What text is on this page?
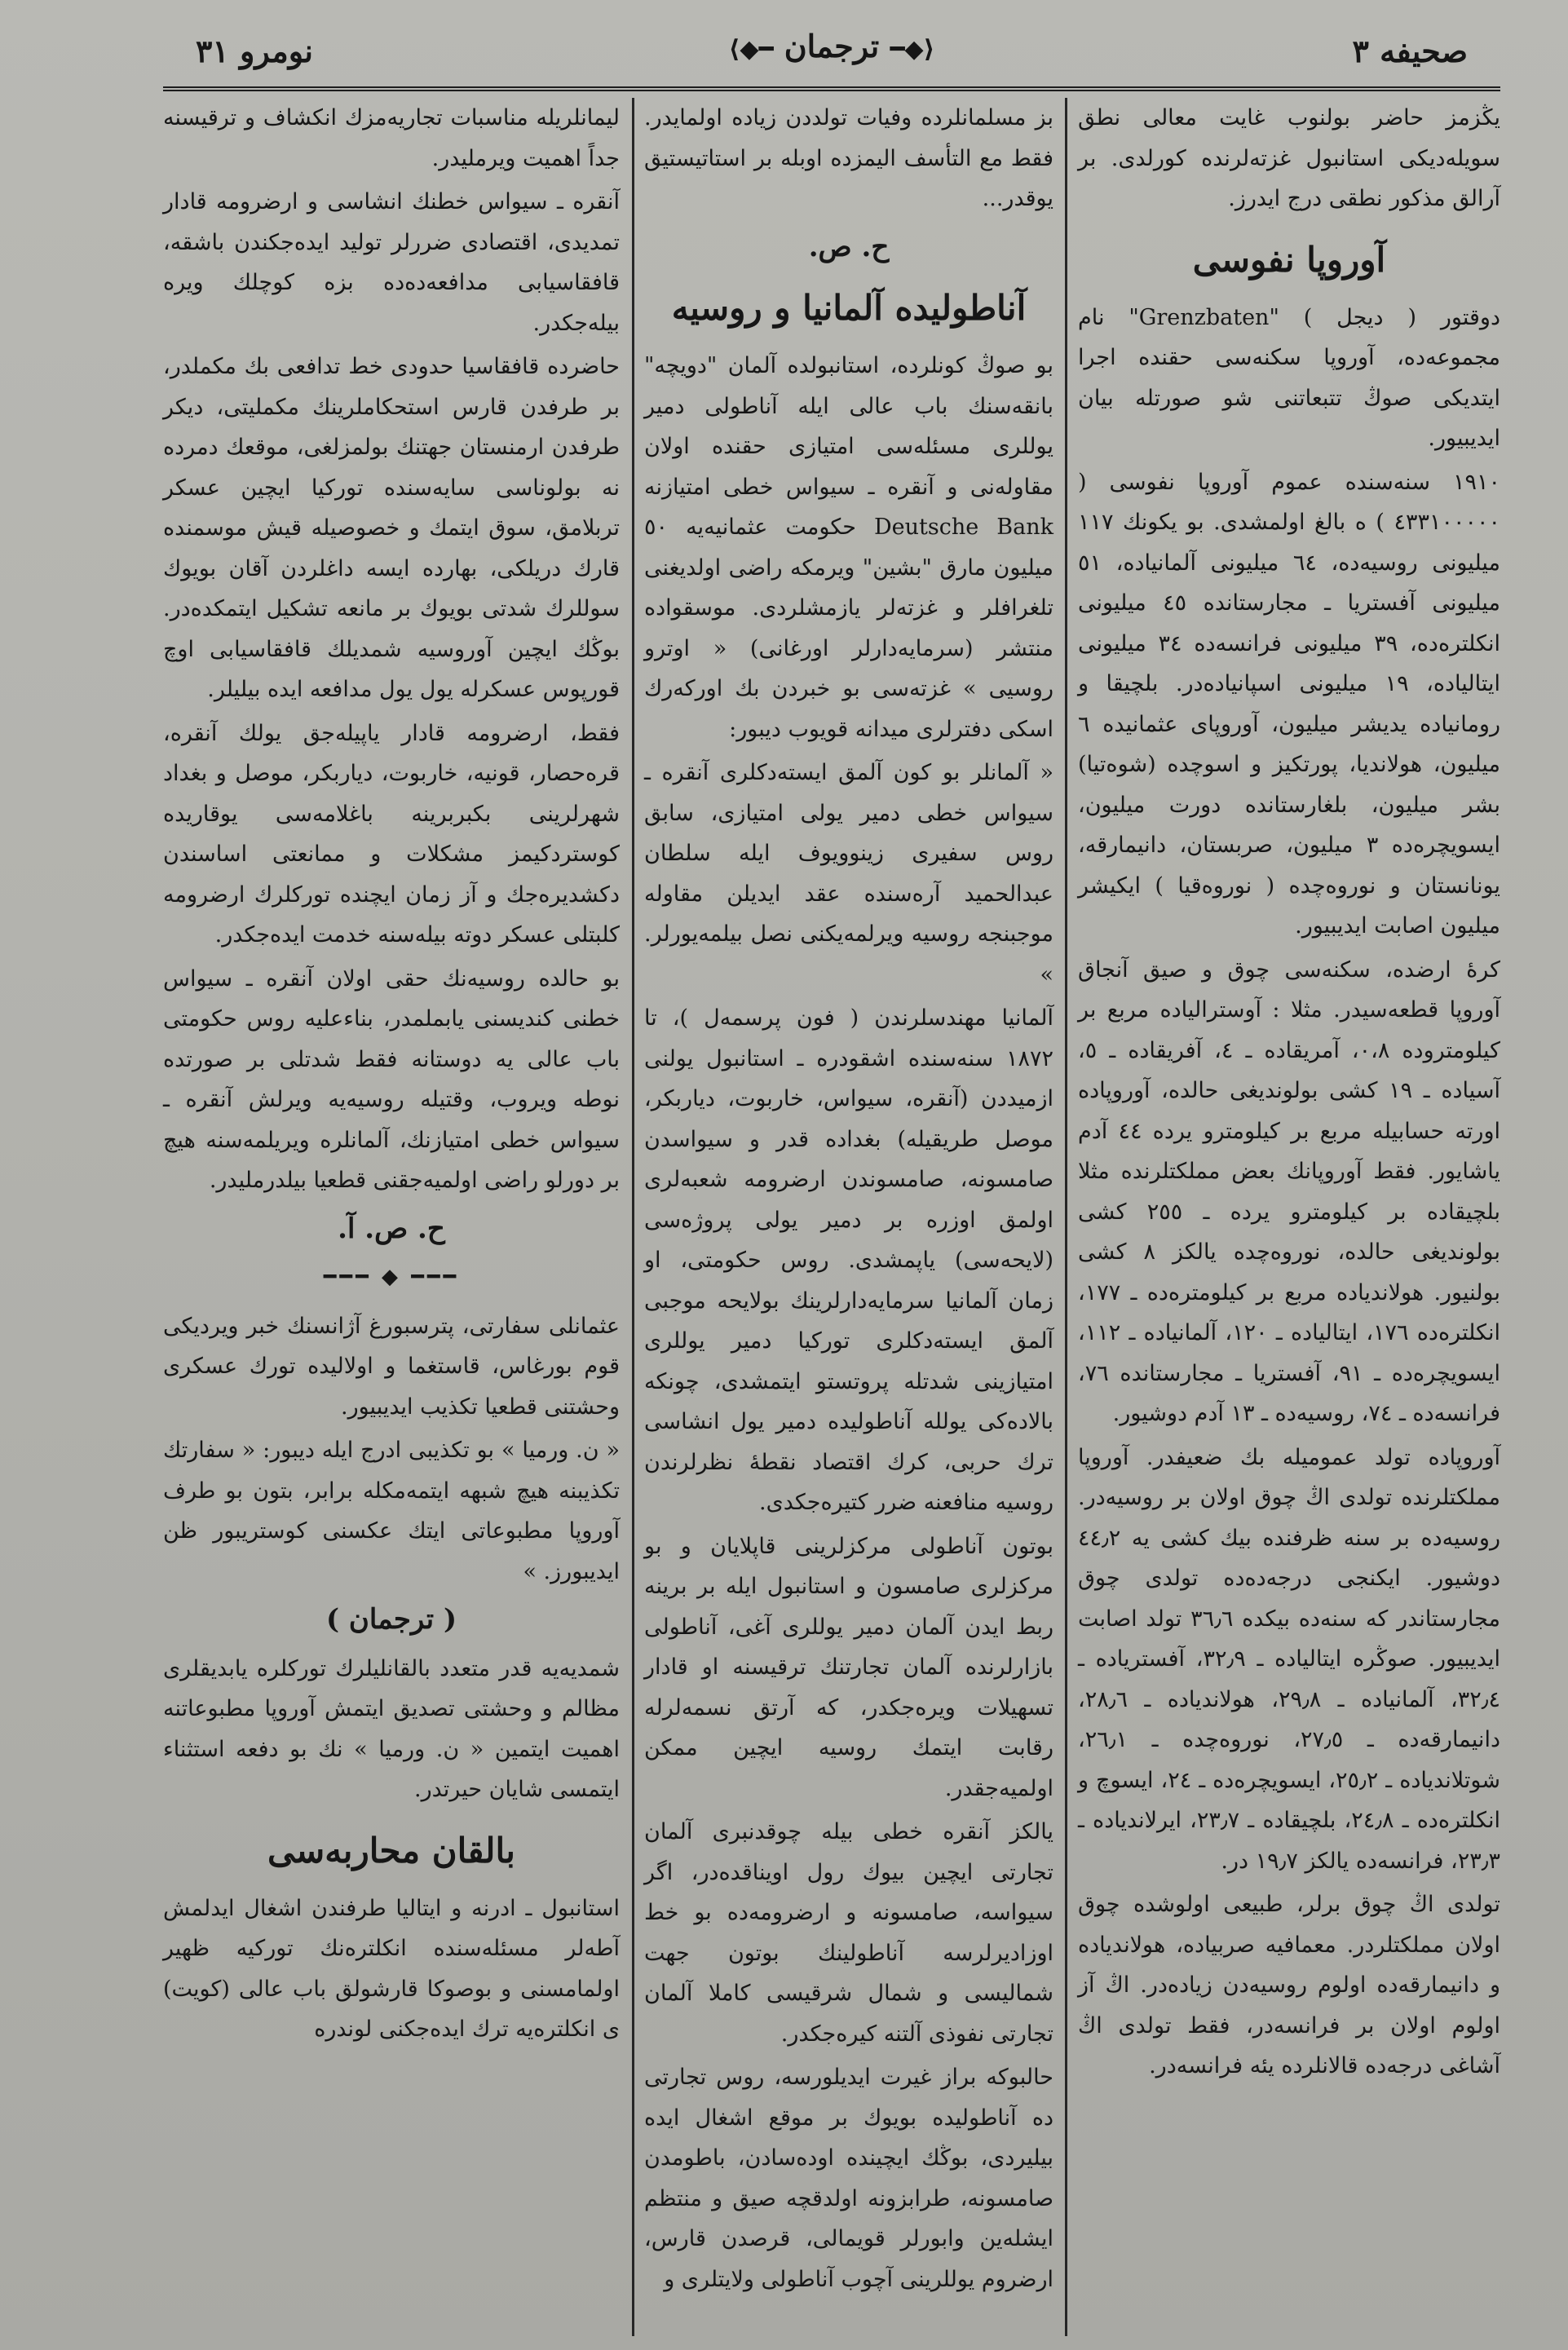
نومرو ٣١	⟨◆━ ترجمان ━◆⟩	صحيفه ٣

يڭزمز حاضر بولنوب غايت معالى نطق سويلەديكى استانبول غزتەلرندە كورلدى. بر آرالق مذكور نطقى درج ايدرز.

آوروپا نفوسى

دوقتور ( ديجل ) "Grenzbaten" نام مجموعەدە، آوروپا سكنەسى حقندە اجرا ايتديكى صوڭ تتبعاتنى شو صورتلە بيان ايديبيور.

١٩١٠ سنەسندە عموم آوروپا نفوسى ( ٤٣٣١٠٠٠٠٠ ) ە بالغ اولمشدى. بو يكونك ١١٧ ميليونى روسيەدە، ٦٤ ميليونى آلمانيادە، ٥١ ميليونى آفستريا ـ مجارستاندە ٤٥ ميليونى انكلترەدە، ٣٩ ميليونى فرانسەدە ٣٤ ميليونى ايتاليادە، ١٩ ميليونى اسپانيادەدر. بلچيقا و رومانيادە يديشر ميليون، آوروپاى عثمانيدە ٦ ميليون، هولانديا، پورتكيز و اسوچدە (شوەتيا) بشر ميليون، بلغارستاندە دورت ميليون، ايسويچرەدە ٣ ميليون، صربستان، دانيمارقە، يونانستان و نوروەچدە ( نوروەقيا ) ايكيشر ميليون اصابت ايديبيور.

كرهٔ ارضدە، سكنەسى چوق و صيق آنجاق آوروپا قطعەسيدر. مثلا : آوستراليادە مربع بر كيلومترودە ٠،٨، آمريقادە ـ ٤، آفريقادە ـ ٥، آسيادە ـ ١٩ كشى بولونديغى حالدە، آوروپادە اورتە حسابيلە مربع بر كيلومترو يردە ٤٤ آدم ياشايور. فقط آوروپانك بعض مملكتلرندە مثلا بلچيقادە بر كيلومترو يردە ـ ٢٥٥ كشى بولونديغى حالدە، نوروەچدە يالكز ٨ كشى بولنيور. هولانديادە مربع بر كيلومترەدە ـ ١٧٧، انكلترەدە ١٧٦، ايتاليادە ـ ١٢٠، آلمانيادە ـ ١١٢، ايسويچرەدە ـ ٩١، آفستريا ـ مجارستاندە ٧٦، فرانسەدە ـ ٧٤، روسيەدە ـ ١٣ آدم دوشيور.

آوروپادە تولد عموميلە بك ضعيفدر. آوروپا مملكتلرندە تولدى اڭ چوق اولان بر روسيەدر. روسيەدە بر سنە ظرفندە بيك كشى يە ٤٤٫٢ دوشيور. ايكنجى درجەدەدە تولدى چوق مجارستاندر كە سنەدە بيكدە ٣٦٫٦ تولد اصابت ايديبيور. صوڭرە ايتاليادە ـ ٣٢٫٩، آفستريادە ـ ٣٢٫٤، آلمانيادە ـ ٢٩٫٨، هولانديادە ـ ٢٨٫٦، دانيمارقەدە ـ ٢٧٫٥، نوروەچدە ـ ٢٦٫١، شوتلانديادە ـ ٢٥٫٢، ايسويچرەدە ـ ٢٤، ايسوچ و انكلترەدە ـ ٢٤٫٨، بلچيقادە ـ ٢٣٫٧، ايرلانديادە ـ ٢٣٫٣، فرانسەدە يالكز ١٩٫٧ در.

تولدى اڭ چوق برلر، طبيعى اولوشدە چوق اولان مملكتلردر. معمافيه صربيادە، هولانديادە و دانيمارقەدە اولوم روسيەدن زيادەدر. اڭ آز اولوم اولان بر فرانسەدر، فقط تولدى اڭ آشاغى درجەدە قالانلردە يئە فرانسەدر.

بز مسلمانلردە وفيات تولددن زيادە اولمايدر. فقط مع التأسف اليمزدە اوبلە بر استاتيستيق يوقدر...

ح. ص.
آناطوليدە آلمانيا و روسيە

بو صوڭ كونلردە، استانبولدە آلمان "دويچە" بانقەسنك باب عالى ايلە آناطولى دمير يوللرى مسئلەسى امتيازى حقندە اولان مقاولەنى و آنقرە ـ سيواس خطى امتيازنە Deutsche Bank حكومت عثمانيەيە ٥٠ ميليون مارق "بشين" ويرمكە راضى اولديغنى تلغرافلر و غزتەلر يازمشلردى. موسقوادە منتشر (سرمايەدارلر اورغانى) « اوترو روسيى » غزتەسى بو خبردن بك اوركەرك اسكى دفترلرى ميدانە قويوب ديبور:

« آلمانلر بو كون آلمق ايستەدكلرى آنقرە ـ سيواس خطى دمير يولى امتيازى، سابق روس سفيرى زينوويوف ايلە سلطان عبدالحميد آرەسندە عقد ايديلن مقاولە موجبنجە روسيە ويرلمەيكنى نصل بيلمەيورلر. »

آلمانيا مهندسلرندن ( فون پرسمەل )، تا ١٨٧٢ سنەسندە اشقودرە ـ استانبول يولنى ازميددن (آنقرە، سيواس، خاربوت، دياربكر، موصل طريقيلە) بغدادە قدر و سيواسدن صامسونە، صامسوندن ارضرومە شعبەلرى اولمق اوزرە بر دمير يولى پروژەسى (لايحەسى) ياپمشدى. روس حكومتى، او زمان آلمانيا سرمايەدارلرينك بولايحە موجبى آلمق ايستەدكلرى توركيا دمير يوللرى امتيازينى شدتلە پروتستو ايتمشدى، چونكە بالادەكى يوللە آناطوليدە دمير يول انشاسى ترك حربى، كرك اقتصاد نقطهٔ نظرلرندن روسيە منافعنە ضرر كتيرەجكدى.

بوتون آناطولى مركزلرينى قاپلايان و بو مركزلرى صامسون و استانبول ايلە بر برينە ربط ايدن آلمان دمير يوللرى آغى، آناطولى بازارلرندە آلمان تجارتنك ترقيسنە او قادار تسهيلات ويرەجكدر، كە آرتق نسمەلرلە رقابت ايتمك روسيە ايچين ممكن اولميەجقدر.

يالكز آنقرە خطى بيلە چوقدنبرى آلمان تجارتى ايچين بيوك رول اويناقدەدر، اگر سيواسە، صامسونە و ارضرومەدە بو خط اوزاديرلرسە آناطولينك بوتون جهت شماليسى و شمال شرقيسى كاملا آلمان تجارتى نفوذى آلتنە كيرەجكدر.

حالبوكە براز غيرت ايديلورسە، روس تجارتى دە آناطوليدە بويوك بر موقع اشغال ايدە بيليردى، بوڭك ايچيندە اودەسادن، باطومدن صامسونە، طرابزونە اولدقچە صيق و منتظم ايشلەين وابورلر قويمالى، قرصدن قارس، ارضروم يوللرينى آچوب آناطولى ولايتلرى و

ليمانلريلە مناسبات تجاريەمزك انكشاف و ترقيسنە جداً اهميت ويرمليدر.

آنقرە ـ سيواس خطنك انشاسى و ارضرومە قادار تمديدى، اقتصادى ضررلر توليد ايدەجكندن باشقە، قافقاسيابى مدافعەدەدە بزە كوچلك ويرە بيلەجكدر.

حاضردە قافقاسيا حدودى خط تدافعى بك مكملدر، بر طرفدن قارس استحكاملرينك مكمليتى، ديكر طرفدن ارمنستان جهتنك بولمزلغى، موقعك دمردە نە بولوناسى سايەسندە توركيا ايچين عسكر تربلامق، سوق ايتمك و خصوصيلە قيش موسمندە قارك دريلكى، بهاردە ايسە داغلردن آقان بويوك سوللرك شدتى بويوك بر مانعە تشكيل ايتمكدەدر. بوڭك ايچين آوروسيە شمديلك قافقاسيابى اوچ قورپوس عسكرلە يول يول مدافعە ايدە بيليلر.

فقط، ارضرومە قادار ياپيلەجق يولك آنقرە، قرەحصار، قونيە، خاربوت، دياربكر، موصل و بغداد شهرلرينى بكبربرينە باغلامەسى يوقاريدە كوستردكيمز مشكلات و ممانعتى اساسندن دكشديرەجك و آز زمان ايچندە توركلرك ارضرومە كلبتلى عسكر دوتە بيلەسنە خدمت ايدەجكدر.

بو حالدە روسيەنك حقى اولان آنقرە ـ سيواس خطنى كنديسنى يابملمدر، بناءعليە روس حكومتى باب عالى يە دوستانە فقط شدتلى بر صورتدە نوطە ويروب، وقتيلە روسيەيە ويرلش آنقرە ـ سيواس خطى امتيازنك، آلمانلرە ويريلمەسنە هيچ بر دورلو راضى اولميەجقنى قطعيا بيلدرمليدر.

ح. ص. آ.
━━━ ◆ ━━━

عثمانلى سفارتى، پترسبورغ آژانسنك خبر ويرديكى قوم بورغاس، قاستغما و اولاليدە تورك عسكرى وحشتنى قطعيا تكذيب ايديبيور.

« ن. ورميا » بو تكذيبى ادرج ايلە ديبور: « سفارتك تكذيبنە هيچ شبهە ايتمەمكلە برابر، بتون بو طرف آوروپا مطبوعاتى ايتك عكسنى كوستريبور ظن ايديبورز. »

( ترجمان )

شمديەيە قدر متعدد بالقانليلرك توركلرە يابديقلرى مظالم و وحشتى تصديق ايتمش آوروپا مطبوعاتنە اهميت ايتمين « ن. ورميا » نك بو دفعە استثناء ايتمسى شايان حيرتدر.

بالقان محاربەسى

استانبول ـ ادرنە و ايتاليا طرفندن اشغال ايدلمش آطەلر مسئلەسندە انكلترەنك توركيە ظهير اولمامسنى و بوصوكا قارشولق باب عالى (كويت) ى انكلترەيە ترك ايدەجكنى لوندرە
